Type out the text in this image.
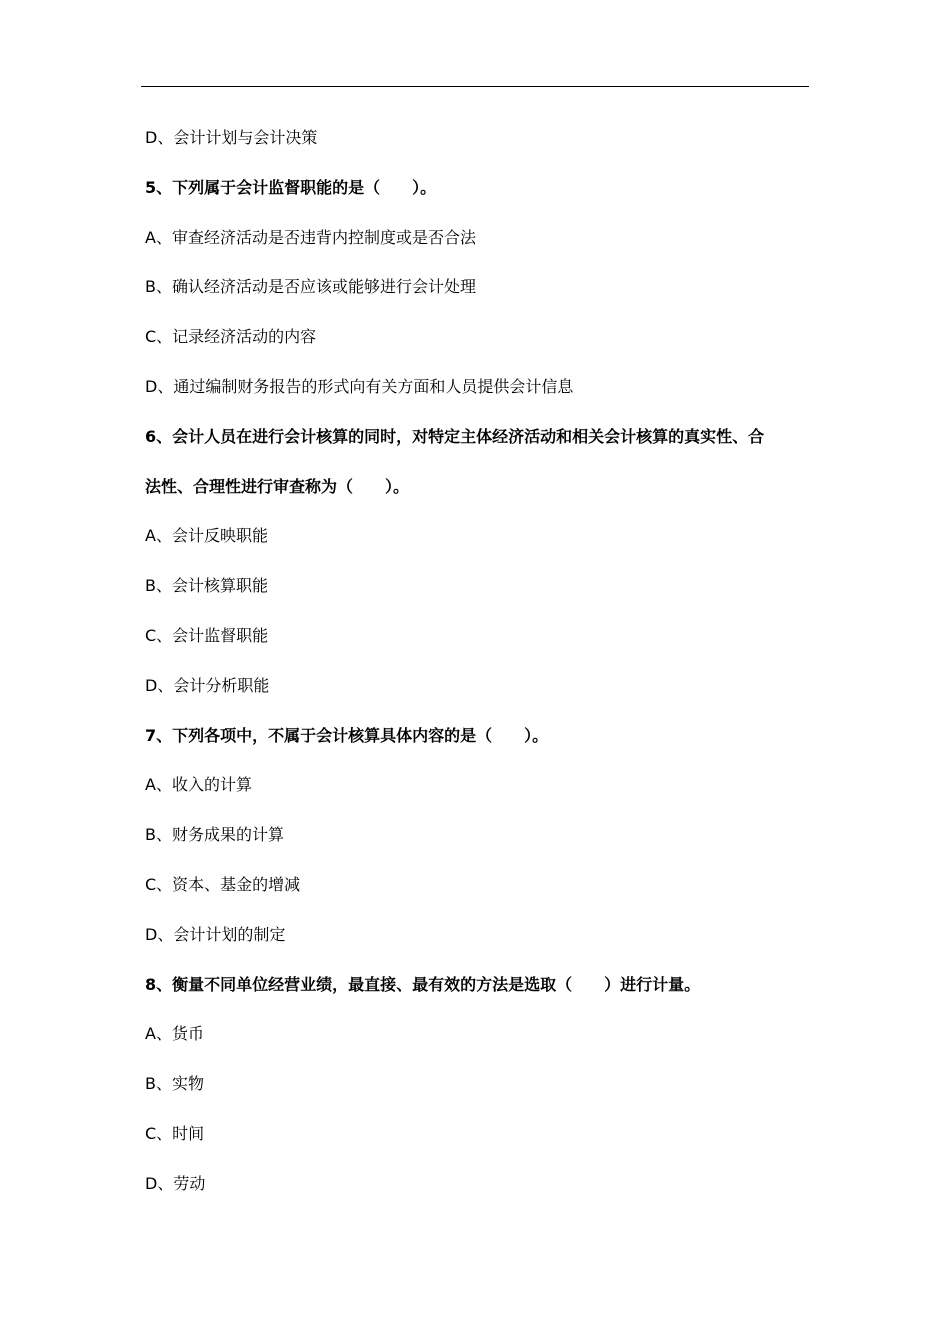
D、会计计划与会计决策
5、下列属于会计监督职能的是（　　）。
A、审查经济活动是否违背内控制度或是否合法
B、确认经济活动是否应该或能够进行会计处理
C、记录经济活动的内容
D、通过编制财务报告的形式向有关方面和人员提供会计信息
6、会计人员在进行会计核算的同时，对特定主体经济活动和相关会计核算的真实性、合
法性、合理性进行审查称为（　　）。
A、会计反映职能
B、会计核算职能
C、会计监督职能
D、会计分析职能
7、下列各项中，不属于会计核算具体内容的是（　　）。
A、收入的计算
B、财务成果的计算
C、资本、基金的增减
D、会计计划的制定
8、衡量不同单位经营业绩，最直接、最有效的方法是选取（　　）进行计量。
A、货币
B、实物
C、时间
D、劳动
